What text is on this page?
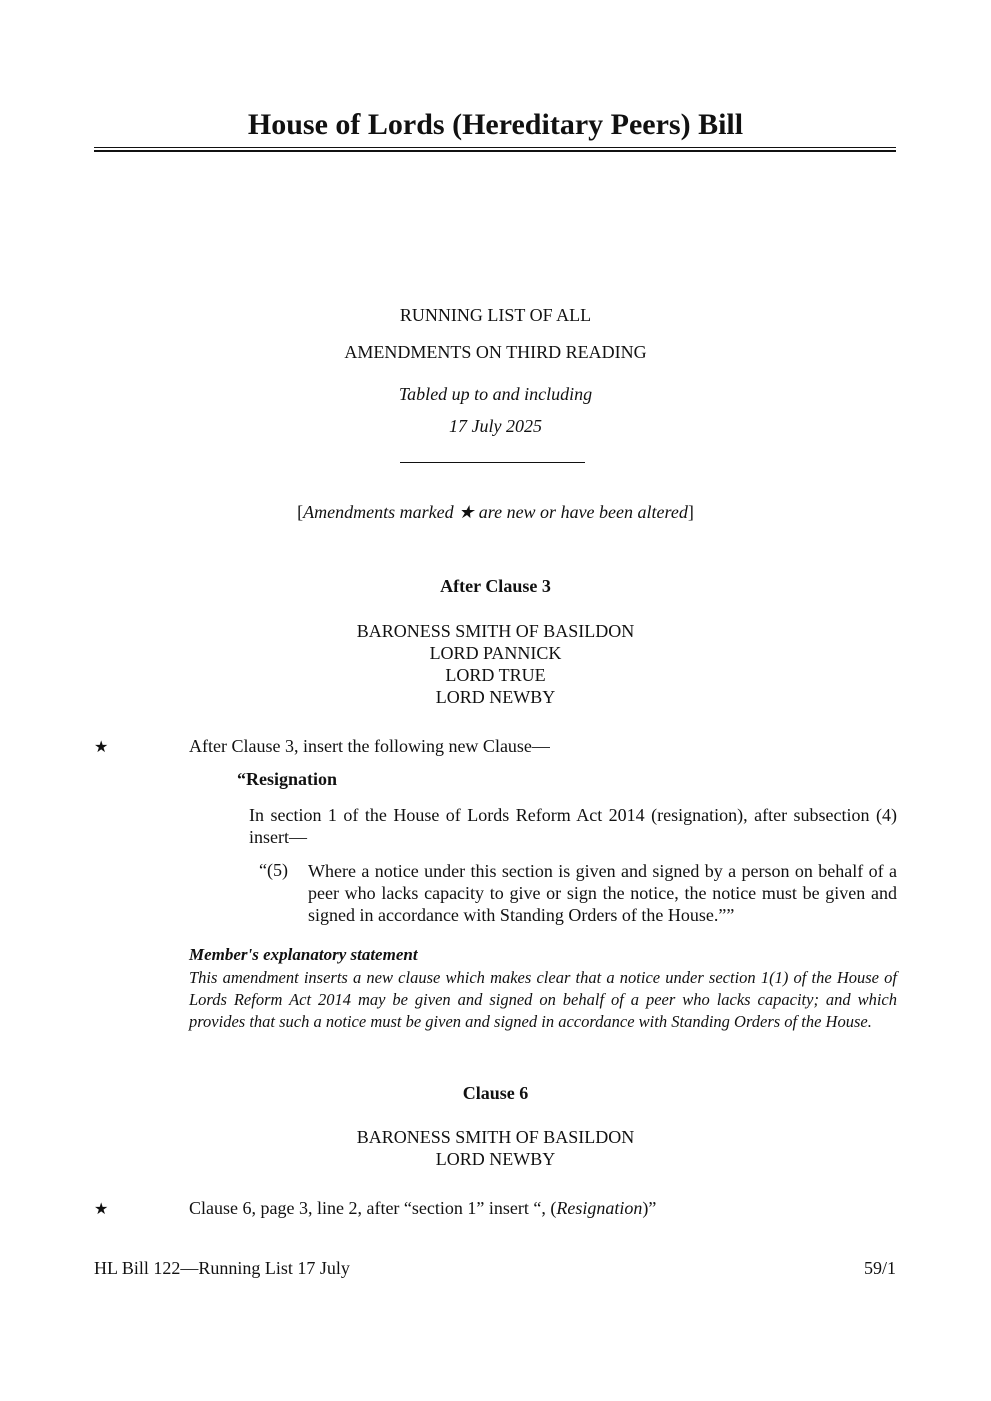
House of Lords (Hereditary Peers) Bill
RUNNING LIST OF ALL
AMENDMENTS ON THIRD READING
Tabled up to and including
17 July 2025
[Amendments marked ★ are new or have been altered]
After Clause 3
BARONESS SMITH OF BASILDON
LORD PANNICK
LORD TRUE
LORD NEWBY
★	After Clause 3, insert the following new Clause—
“Resignation
In section 1 of the House of Lords Reform Act 2014 (resignation), after subsection (4) insert—
“(5) Where a notice under this section is given and signed by a person on behalf of a peer who lacks capacity to give or sign the notice, the notice must be given and signed in accordance with Standing Orders of the House.””
Member's explanatory statement
This amendment inserts a new clause which makes clear that a notice under section 1(1) of the House of Lords Reform Act 2014 may be given and signed on behalf of a peer who lacks capacity; and which provides that such a notice must be given and signed in accordance with Standing Orders of the House.
Clause 6
BARONESS SMITH OF BASILDON
LORD NEWBY
★	Clause 6, page 3, line 2, after “section 1” insert “, (Resignation)”
HL Bill 122—Running List 17 July	59/1
